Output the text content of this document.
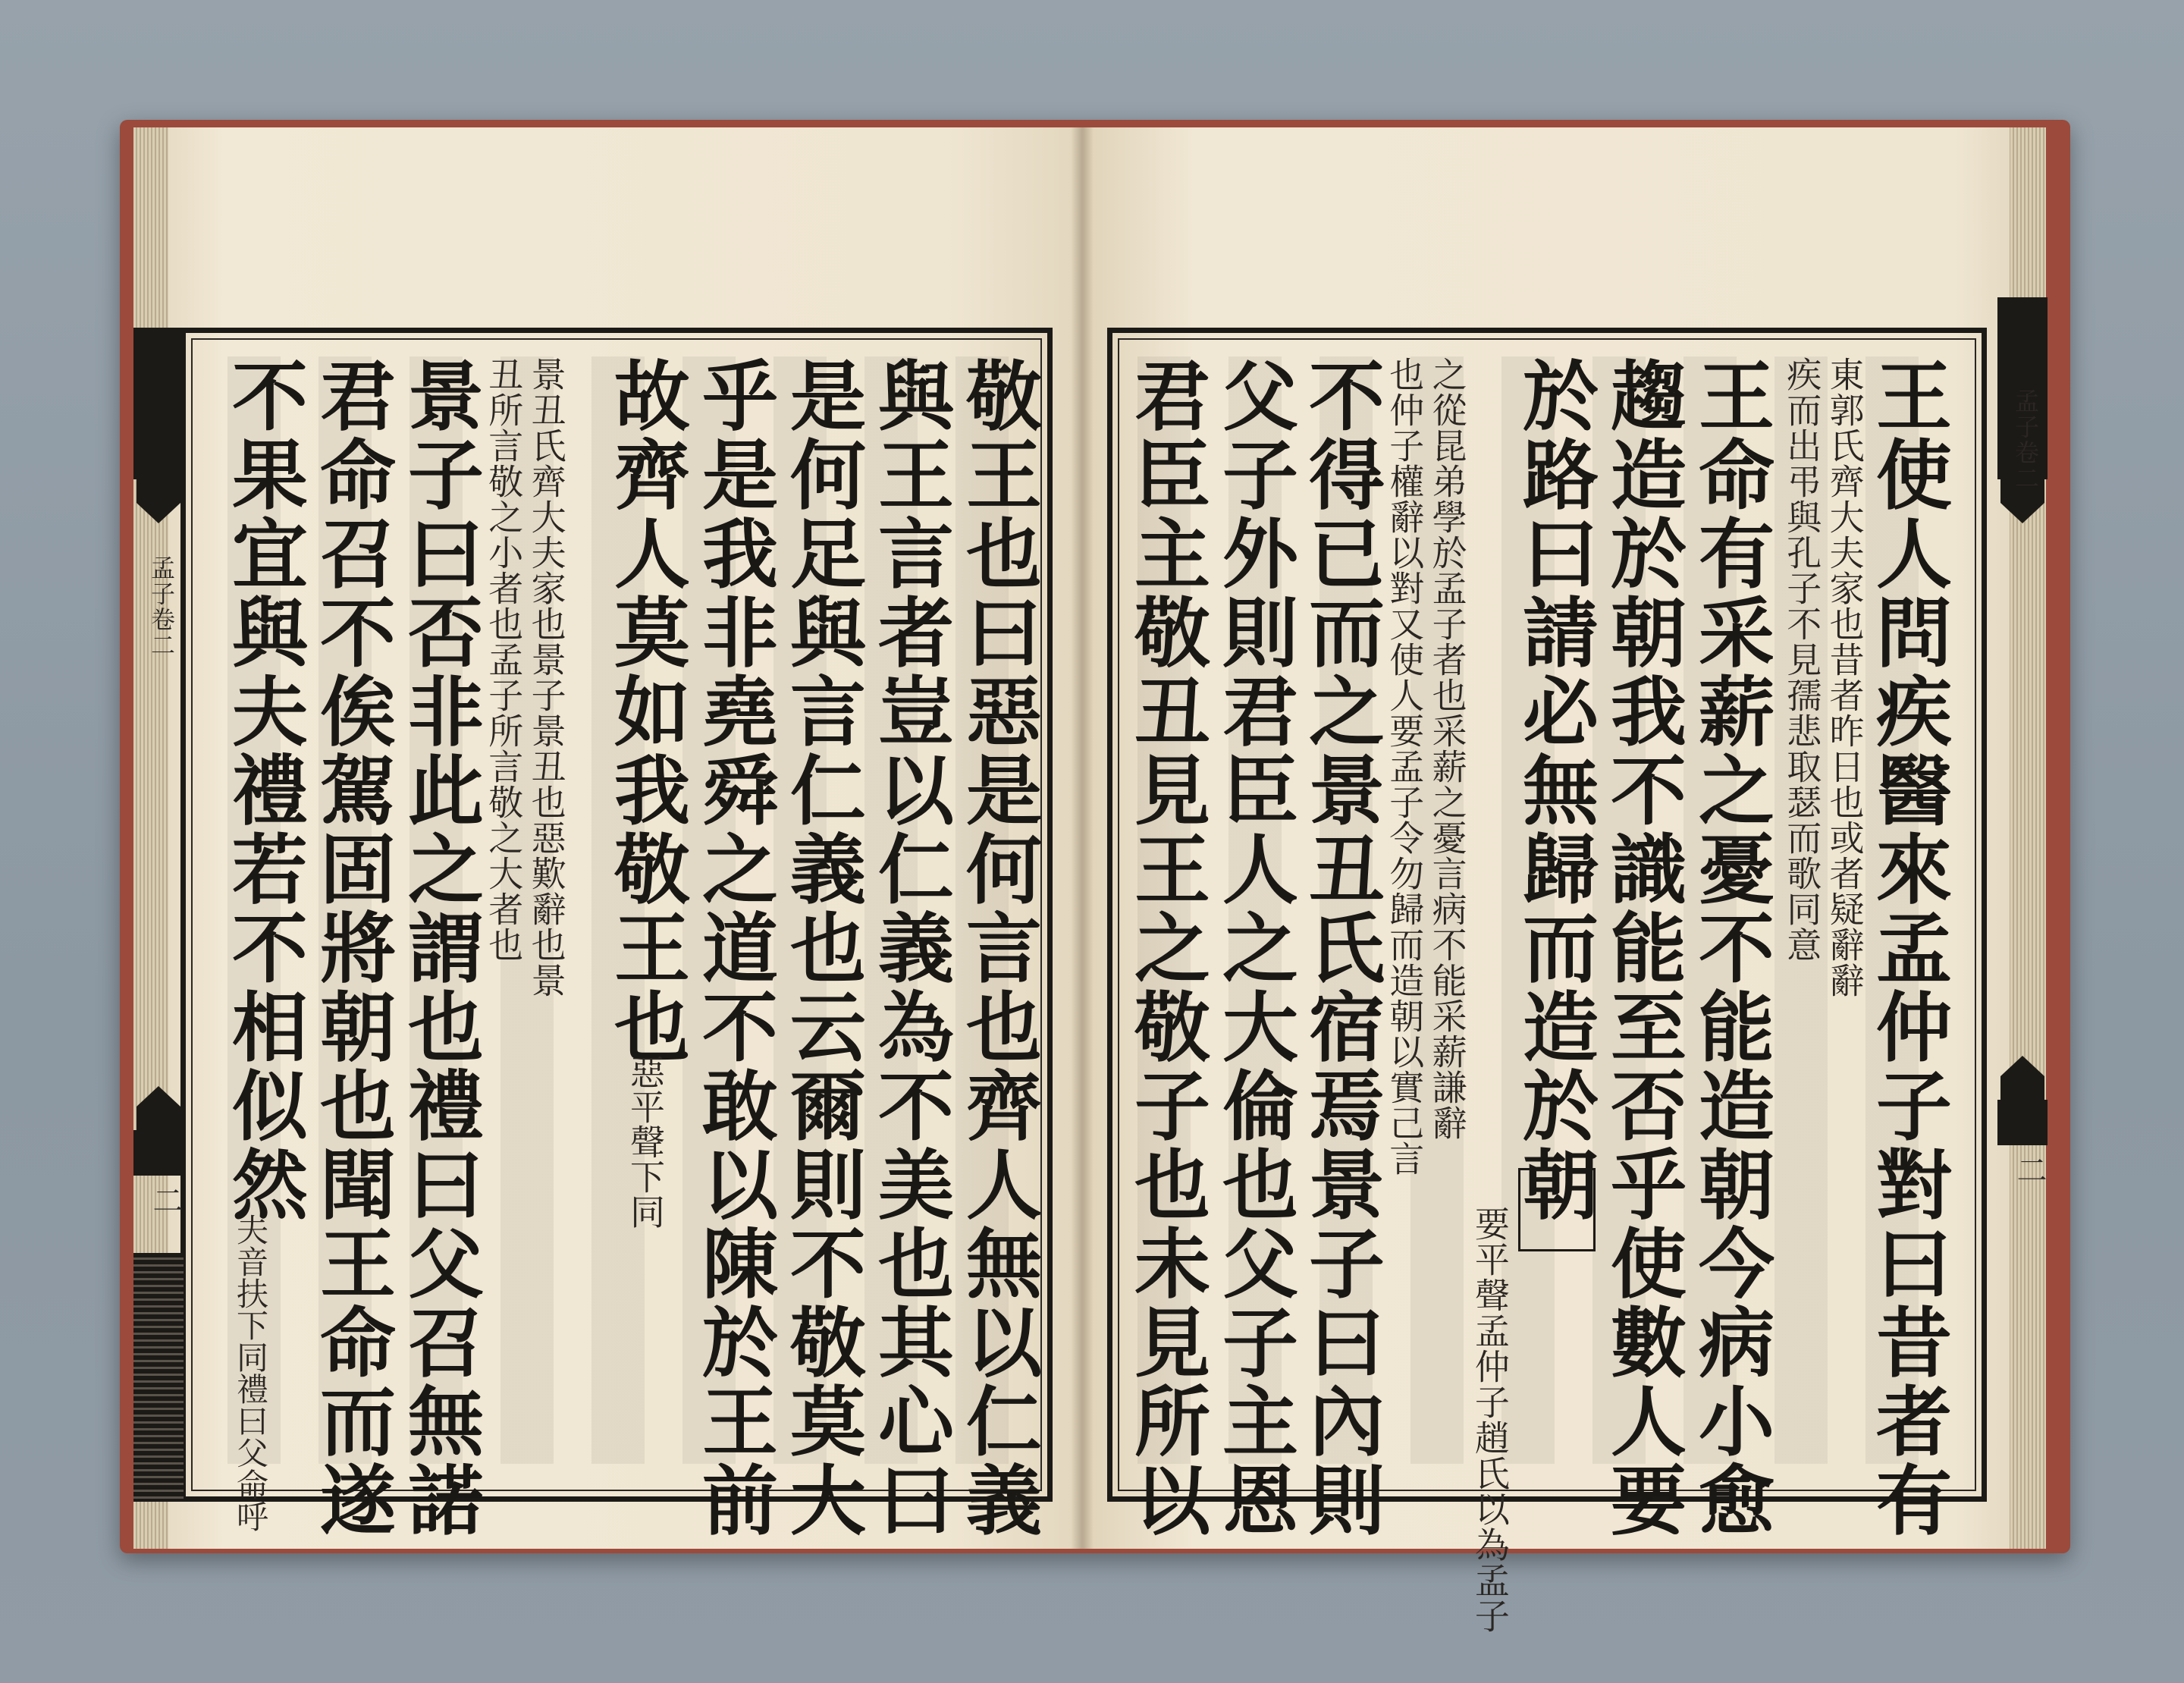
孟子卷二
二
孟子卷二
二
王使人問疾醫來孟仲子對曰昔者有
東郭氏齊大夫家也昔者昨日也或者疑辭辭
疾而出弔與孔子不見孺悲取瑟而歌同意
王命有采薪之憂不能造朝今病小愈
趨造於朝我不識能至否乎使數人要
於路曰請必無歸而造於朝
要平聲孟仲子趙氏以為孟子
之從昆弟學於孟子者也采薪之憂言病不能采薪謙辭
也仲子權辭以對又使人要孟子令勿歸而造朝以實己言
不得已而之景丑氏宿焉景子曰內則
父子外則君臣人之大倫也父子主恩
君臣主敬丑見王之敬子也未見所以
敬王也曰惡是何言也齊人無以仁義
與王言者豈以仁義為不美也其心曰
是何足與言仁義也云爾則不敬莫大
乎是我非堯舜之道不敢以陳於王前
故齊人莫如我敬王也
惡平聲下同
景丑氏齊大夫家也景子景丑也惡歎辭也景
丑所言敬之小者也孟子所言敬之大者也
景子曰否非此之謂也禮曰父召無諾
君命召不俟駕固將朝也聞王命而遂
不果宜與夫禮若不相似然
夫音扶下同禮曰父命呼
